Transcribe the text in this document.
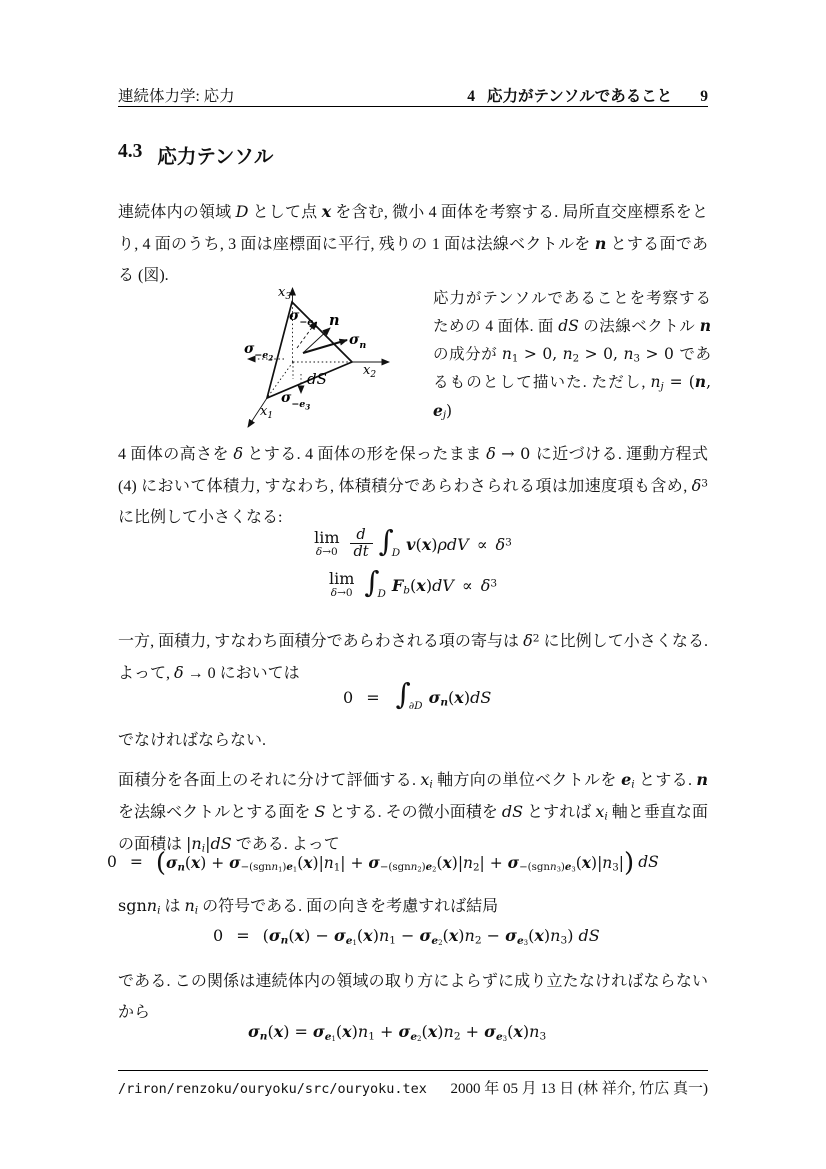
連続体力学: 応力	4 応力がテンソルであること 9
4.3 応力テンソル
連続体内の領域 D として点 x を含む, 微小 4 面体を考察する. 局所直交座標系をとり, 4 面のうち, 3 面は座標面に平行, 残りの 1 面は法線ベクトルを n とする面である (図).
$x_3$
$x_2$
$x_1$
$\sigma_{-e}1$
$\sigma_{-e}2$
$\sigma_{-e}3$
n
$\sigma_n$
dS
応力がテンソルであることを考察するための 4 面体. 面 dS の法線ベクトル n の成分が $n_1 > 0$, $n_2 > 0$, $n_3 > 0$ であるものとして描いた. ただし, $n_j = (n$, $e_j$)
4 面体の高さを δ とする. 4 面体の形を保ったまま δ → 0 に近づける. 運動方程式 (4) において体積力, すなわち, 体積積分であらわさられる項は加速度項も含め, $\delta^3$ に比例して小さくなる:
lim
$\delta\to 0 \frac{d}{dt}$ ∫
D $v(x)\rho dV \propto \delta^3$
lim
δ→0 ∫
D $F_b(x)dV \propto \delta^3$
一方, 面積力, すなわち面積分であらわされる項の寄与は $\delta^2$ に比例して小さくなる. よって, δ → 0 においては
0 = ∫
∂D $\sigma_n(x)dS$
でなければならない.
面積分を各面上のそれに分けて評価する. $x_i$ 軸方向の単位ベクトルを $e_i$ とする. n を法線ベクトルとする面を S とする. その微小面積を dS とすれば $x_i$ 軸と垂直な面の面積は $|n_i|dS$ である. よって
0 = ( $\sigma_n(x) + \sigma_{-(sgnn_1)e_1}(x)|n_1| + \sigma_{-(sgnn_2)e_2}(x)|n_2| + \sigma_{-(sgnn_3)e_3}(x)|n_3|$ ) dS
sgnn$_i$ は $n_i$ の符号である. 面の向きを考慮すれば結局
$0 = (\sigma_n(x) - \sigma_{e_1}(x)n_1 - \sigma_{e_2}(x)n_2 - \sigma_{e_3}(x)n_3)$ dS
である. この関係は連続体内の領域の取り方によらずに成り立たなければならないから
$\sigma_n(x) = \sigma_{e_1}(x)n_1 + \sigma_{e_2}(x)n_2 + \sigma_{e_3}(x)n_3$
/riron/renzoku/ouryoku/src/ouryoku.tex 2000 年 05 月 13 日 (林 祥介, 竹広 真一)
